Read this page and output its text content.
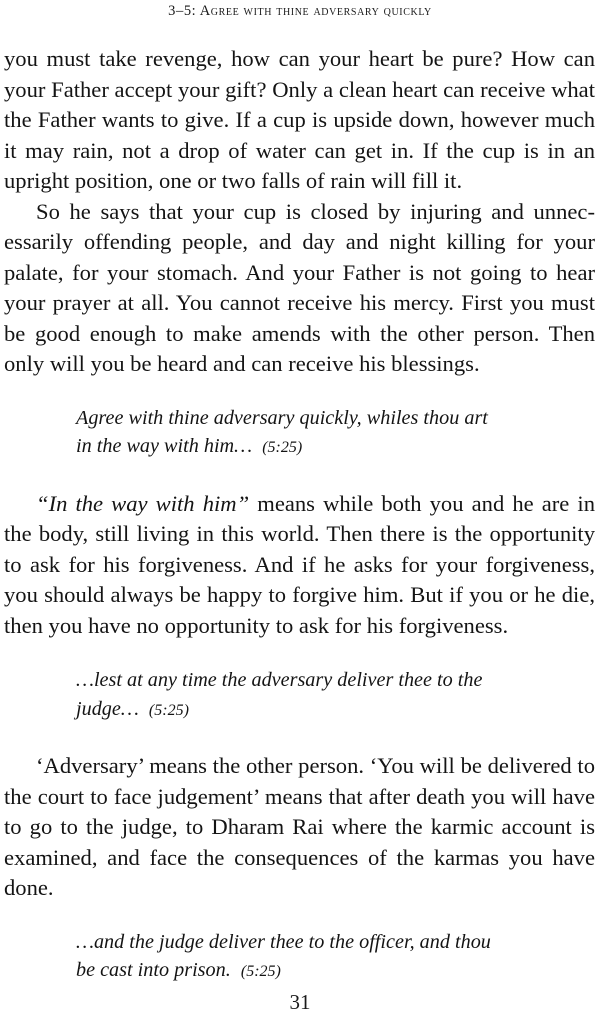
3–5: Agree with thine adversary quickly

you must take revenge, how can your heart be pure? How can your Father accept your gift? Only a clean heart can receive what the Father wants to give. If a cup is upside down, however much it may rain, not a drop of water can get in. If the cup is in an upright position, one or two falls of rain will fill it.

So he says that your cup is closed by injuring and unnecessarily offending people, and day and night killing for your palate, for your stomach. And your Father is not going to hear your prayer at all. You cannot receive his mercy. First you must be good enough to make amends with the other person. Then only will you be heard and can receive his blessings.

Agree with thine adversary quickly, whiles thou art
in the way with him… (5:25)

“In the way with him” means while both you and he are in the body, still living in this world. Then there is the opportunity to ask for his forgiveness. And if he asks for your forgiveness, you should always be happy to forgive him. But if you or he die, then you have no opportunity to ask for his forgiveness.

…lest at any time the adversary deliver thee to the
judge… (5:25)

‘Adversary’ means the other person. ‘You will be delivered to the court to face judgement’ means that after death you will have to go to the judge, to Dharam Rai where the karmic account is examined, and face the consequences of the karmas you have done.

…and the judge deliver thee to the officer, and thou
be cast into prison. (5:25)
31
